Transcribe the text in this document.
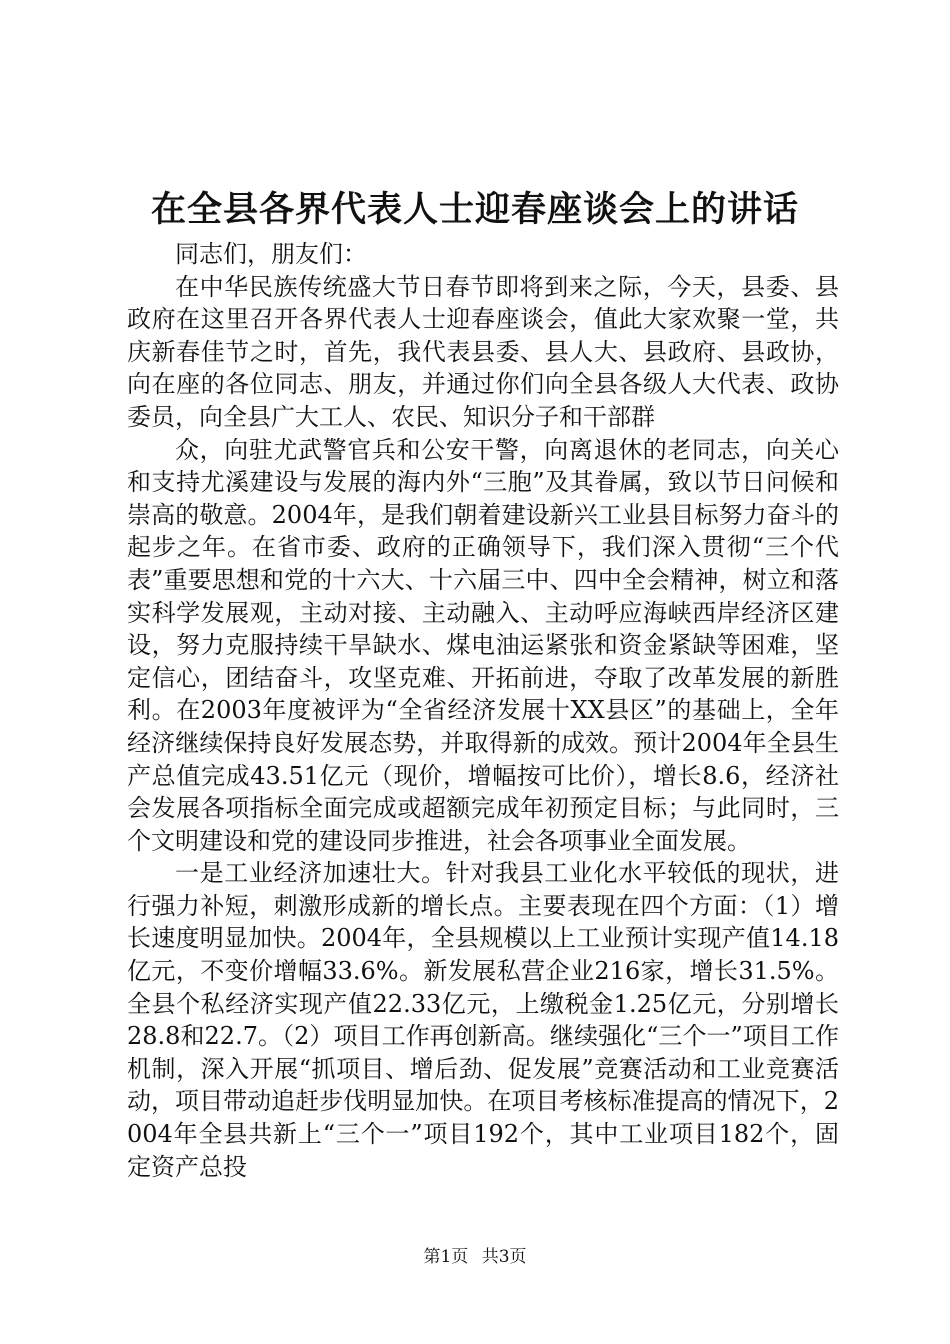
在全县各界代表人士迎春座谈会上的讲话

同志们，朋友们：

在中华民族传统盛大节日春节即将到来之际，今天，县委、县政府在这里召开各界代表人士迎春座谈会，值此大家欢聚一堂，共庆新春佳节之时，首先，我代表县委、县人大、县政府、县政协，向在座的各位同志、朋友，并通过你们向全县各级人大代表、政协委员，向全县广大工人、农民、知识分子和干部群

众，向驻尤武警官兵和公安干警，向离退休的老同志，向关心和支持尤溪建设与发展的海内外“三胞”及其眷属，致以节日问候和崇高的敬意。2004年，是我们朝着建设新兴工业县目标努力奋斗的起步之年。在省市委、政府的正确领导下，我们深入贯彻“三个代表”重要思想和党的十六大、十六届三中、四中全会精神，树立和落实科学发展观，主动对接、主动融入、主动呼应海峡西岸经济区建设，努力克服持续干旱缺水、煤电油运紧张和资金紧缺等困难，坚定信心，团结奋斗，攻坚克难、开拓前进，夺取了改革发展的新胜利。在2003年度被评为“全省经济发展十XX县区”的基础上，全年经济继续保持良好发展态势，并取得新的成效。预计2004年全县生产总值完成43.51亿元（现价，增幅按可比价），增长8.6，经济社会发展各项指标全面完成或超额完成年初预定目标；与此同时，三个文明建设和党的建设同步推进，社会各项事业全面发展。

一是工业经济加速壮大。针对我县工业化水平较低的现状，进行强力补短，刺激形成新的增长点。主要表现在四个方面：（1）增长速度明显加快。2004年，全县规模以上工业预计实现产值14.18亿元，不变价增幅33.6%。新发展私营企业216家，增长31.5%。全县个私经济实现产值22.33亿元，上缴税金1.25亿元，分别增长28.8和22.7。（2）项目工作再创新高。继续强化“三个一”项目工作机制，深入开展“抓项目、增后劲、促发展”竞赛活动和工业竞赛活动，项目带动追赶步伐明显加快。在项目考核标准提高的情况下，2004年全县共新上“三个一”项目192个，其中工业项目182个，固定资产总投

第1页 共3页
